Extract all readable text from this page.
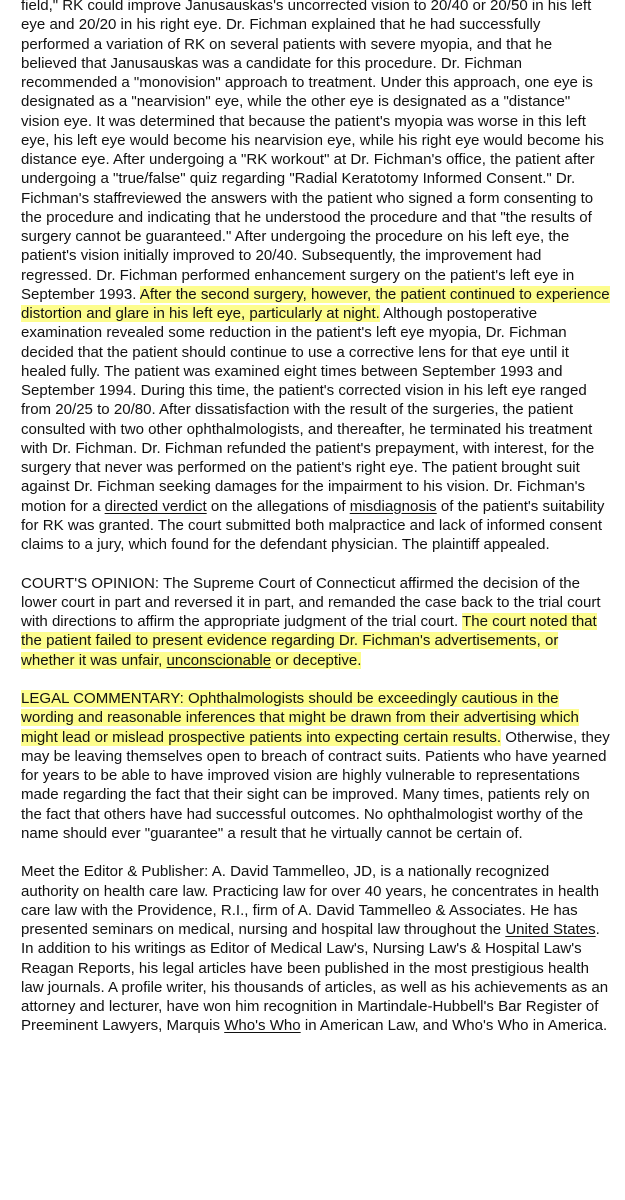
field," RK could improve Janusauskas's uncorrected vision to 20/40 or 20/50 in his left eye and 20/20 in his right eye. Dr. Fichman explained that he had successfully performed a variation of RK on several patients with severe myopia, and that he believed that Janusauskas was a candidate for this procedure. Dr. Fichman recommended a "monovision" approach to treatment. Under this approach, one eye is designated as a "nearvision" eye, while the other eye is designated as a "distance" vision eye. It was determined that because the patient's myopia was worse in this left eye, his left eye would become his nearvision eye, while his right eye would become his distance eye. After undergoing a "RK workout" at Dr. Fichman's office, the patient after undergoing a "true/false" quiz regarding "Radial Keratotomy Informed Consent." Dr. Fichman's staffreviewed the answers with the patient who signed a form consenting to the procedure and indicating that he understood the procedure and that "the results of surgery cannot be guaranteed." After undergoing the procedure on his left eye, the patient's vision initially improved to 20/40. Subsequently, the improvement had regressed. Dr. Fichman performed enhancement surgery on the patient's left eye in September 1993. After the second surgery, however, the patient continued to experience distortion and glare in his left eye, particularly at night. Although postoperative examination revealed some reduction in the patient's left eye myopia, Dr. Fichman decided that the patient should continue to use a corrective lens for that eye until it healed fully. The patient was examined eight times between September 1993 and September 1994. During this time, the patient's corrected vision in his left eye ranged from 20/25 to 20/80. After dissatisfaction with the result of the surgeries, the patient consulted with two other ophthalmologists, and thereafter, he terminated his treatment with Dr. Fichman. Dr. Fichman refunded the patient's prepayment, with interest, for the surgery that never was performed on the patient's right eye. The patient brought suit against Dr. Fichman seeking damages for the impairment to his vision. Dr. Fichman's motion for a directed verdict on the allegations of misdiagnosis of the patient's suitability for RK was granted. The court submitted both malpractice and lack of informed consent claims to a jury, which found for the defendant physician. The plaintiff appealed.

COURT'S OPINION: The Supreme Court of Connecticut affirmed the decision of the lower court in part and reversed it in part, and remanded the case back to the trial court with directions to affirm the appropriate judgment of the trial court. The court noted that the patient failed to present evidence regarding Dr. Fichman's advertisements, or whether it was unfair, unconscionable or deceptive.

LEGAL COMMENTARY: Ophthalmologists should be exceedingly cautious in the wording and reasonable inferences that might be drawn from their advertising which might lead or mislead prospective patients into expecting certain results. Otherwise, they may be leaving themselves open to breach of contract suits. Patients who have yearned for years to be able to have improved vision are highly vulnerable to representations made regarding the fact that their sight can be improved. Many times, patients rely on the fact that others have had successful outcomes. No ophthalmologist worthy of the name should ever "guarantee" a result that he virtually cannot be certain of.

Meet the Editor & Publisher: A. David Tammelleo, JD, is a nationally recognized authority on health care law. Practicing law for over 40 years, he concentrates in health care law with the Providence, R.I., firm of A. David Tammelleo & Associates. He has presented seminars on medical, nursing and hospital law throughout the United States. In addition to his writings as Editor of Medical Law's, Nursing Law's & Hospital Law's Reagan Reports, his legal articles have been published in the most prestigious health law journals. A profile writer, his thousands of articles, as well as his achievements as an attorney and lecturer, have won him recognition in Martindale-Hubbell's Bar Register of Preeminent Lawyers, Marquis Who's Who in American Law, and Who's Who in America.
